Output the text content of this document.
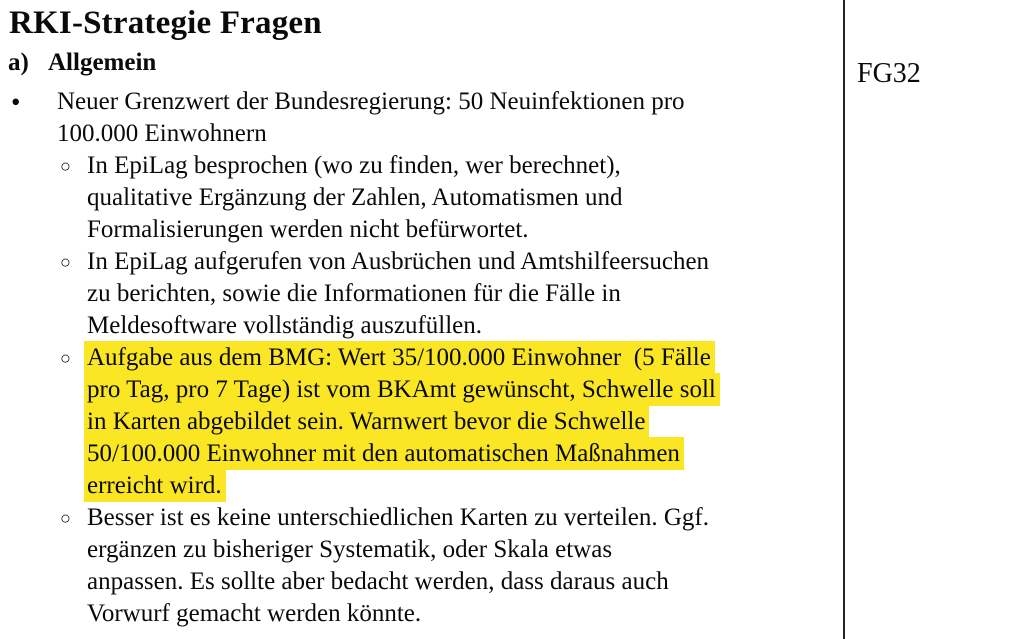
RKI-Strategie Fragen
a) Allgemein
•	Neuer Grenzwert der Bundesregierung: 50 Neuinfektionen pro
100.000 Einwohnern
○ In EpiLag besprochen (wo zu finden, wer berechnet),
qualitative Ergänzung der Zahlen, Automatismen und
Formalisierungen werden nicht befürwortet.
○ In EpiLag aufgerufen von Ausbrüchen und Amtshilfeersuchen
zu berichten, sowie die Informationen für die Fälle in
Meldesoftware vollständig auszufüllen.
○ Aufgabe aus dem BMG: Wert 35/100.000 Einwohner  (5 Fälle
pro Tag, pro 7 Tage) ist vom BKAmt gewünscht, Schwelle soll
in Karten abgebildet sein. Warnwert bevor die Schwelle
50/100.000 Einwohner mit den automatischen Maßnahmen
erreicht wird.
○ Besser ist es keine unterschiedlichen Karten zu verteilen. Ggf.
ergänzen zu bisheriger Systematik, oder Skala etwas
anpassen. Es sollte aber bedacht werden, dass daraus auch
Vorwurf gemacht werden könnte.
FG32
